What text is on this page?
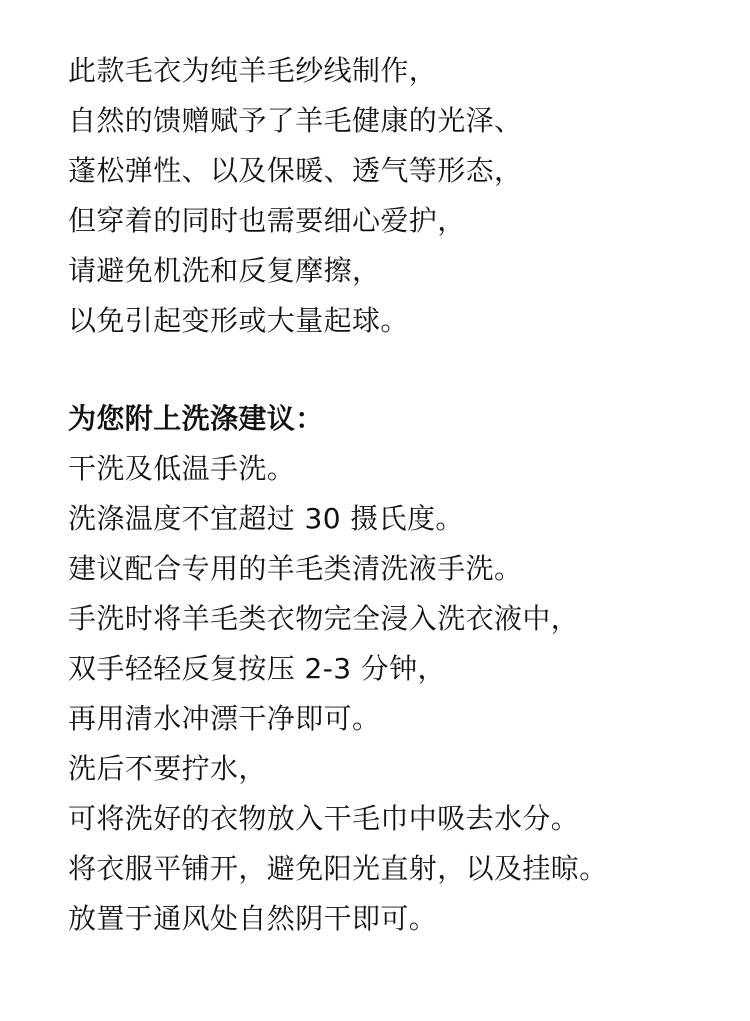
此款毛衣为纯羊毛纱线制作，
自然的馈赠赋予了羊毛健康的光泽、
蓬松弹性、以及保暖、透气等形态，
但穿着的同时也需要细心爱护，
请避免机洗和反复摩擦，
以免引起变形或大量起球。
为您附上洗涤建议：
干洗及低温手洗。
洗涤温度不宜超过 30 摄氏度。
建议配合专用的羊毛类清洗液手洗。
手洗时将羊毛类衣物完全浸入洗衣液中，
双手轻轻反复按压 2-3 分钟，
再用清水冲漂干净即可。
洗后不要拧水，
可将洗好的衣物放入干毛巾中吸去水分。
将衣服平铺开，避免阳光直射，以及挂晾。
放置于通风处自然阴干即可。
